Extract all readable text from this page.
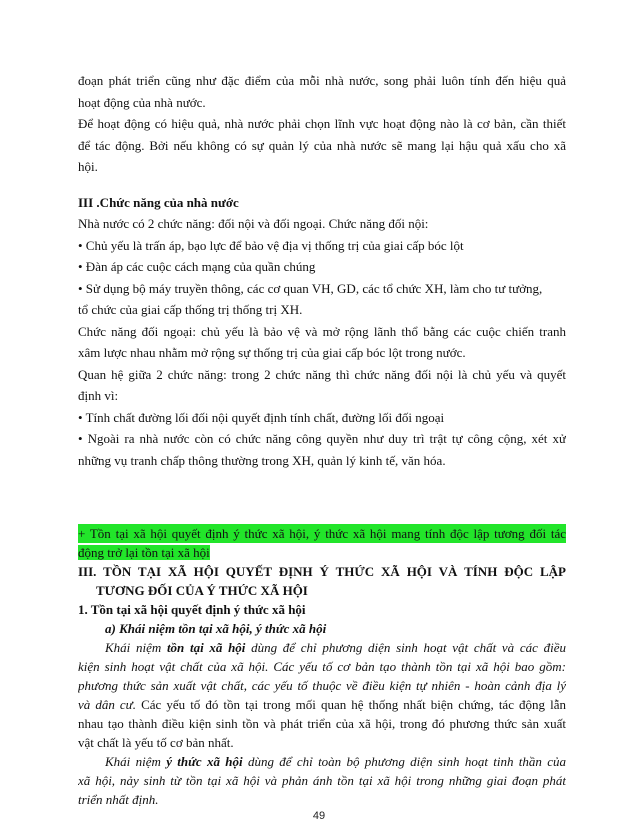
đoạn phát triển cũng như đặc điểm của mỗi nhà nước, song phải luôn tính đến hiệu quả
hoạt động của nhà nước.
Để hoạt động có hiệu quả, nhà nước phải chọn lĩnh vực hoạt động nào là cơ bản, cần thiết
để tác động. Bởi nếu không có sự quản lý của nhà nước sẽ mang lại hậu quả xấu cho xã
hội.
III .Chức năng của nhà nước
Nhà nước có 2 chức năng: đối nội và đối ngoại. Chức năng đối nội:
• Chủ yếu là trấn áp, bạo lực để bảo vệ địa vị thống trị của giai cấp bóc lột
• Đàn áp các cuộc cách mạng của quần chúng
• Sử dụng bộ máy truyền thông, các cơ quan VH, GD, các tổ chức XH, làm cho tư tưởng,
tổ chức của giai cấp thống trị thống trị XH.
Chức năng đối ngoại: chủ yếu là bảo vệ và mở rộng lãnh thổ bằng các cuộc chiến tranh
xâm lược nhau nhằm mở rộng sự thống trị của giai cấp bóc lột trong nước.
Quan hệ giữa 2 chức năng: trong 2 chức năng thì chức năng đối nội là chủ yếu và quyết
định vì:
• Tính chất đường lối đối nội quyết định tính chất, đường lối đối ngoại
• Ngoài ra nhà nước còn có chức năng công quyền như duy trì trật tự công cộng, xét xử
những vụ tranh chấp thông thường trong XH, quản lý kinh tế, văn hóa.
+ Tồn tại xã hội quyết định ý thức xã hội, ý thức xã hội mang tính độc lập tương đối tác
động trở lại tồn tại xã hội
III. TỒN TẠI XÃ HỘI QUYẾT ĐỊNH Ý THỨC XÃ HỘI VÀ TÍNH ĐỘC LẬP
TƯƠNG ĐỐI CỦA Ý THỨC XÃ HỘI
1. Tồn tại xã hội quyết định ý thức xã hội
a) Khái niệm tồn tại xã hội, ý thức xã hội
Khái niệm tồn tại xã hội dùng để chỉ phương diện sinh hoạt vật chất và các điều
kiện sinh hoạt vật chất của xã hội. Các yếu tố cơ bản tạo thành tồn tại xã hội bao gồm:
phương thức sản xuất vật chất, các yếu tố thuộc về điều kiện tự nhiên - hoàn cảnh địa lý
và dân cư. Các yếu tố đó tồn tại trong mối quan hệ thống nhất biện chứng, tác động lẫn
nhau tạo thành điều kiện sinh tồn và phát triển của xã hội, trong đó phương thức sản xuất
vật chất là yếu tố cơ bản nhất.
Khái niệm ý thức xã hội dùng để chỉ toàn bộ phương diện sinh hoạt tinh thần của
49
xã hội, nảy sinh từ tồn tại xã hội và phản ánh tồn tại xã hội trong những giai đoạn phát
triển nhất định.
